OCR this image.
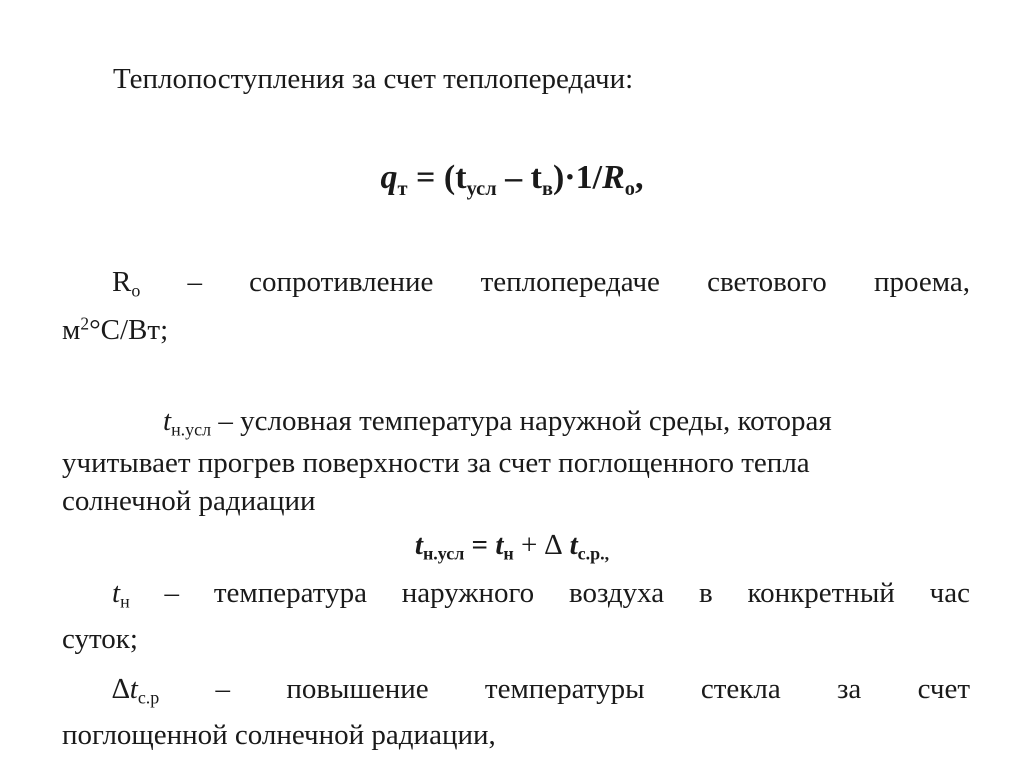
Теплопоступления за счет теплопередачи:

$q_т = (t_{усл} - t_в)\cdot 1/R_о$,

$R_о$ – сопротивление теплопередаче светового проема,

$м^2^\circ С/Вт$;

$t_{н.усл}$ – условная температура наружной среды, которая

учитывает прогрев поверхности за счет поглощенного тепла

солнечной радиации

$t_{н.усл} = t_н$ + ∆ $t_{с.р.,}$

$t_н$ – температура наружного воздуха в конкретный час

суток;

$\Delta t_{с.р}$ – повышение температуры стекла за счет

поглощенной солнечной радиации,
